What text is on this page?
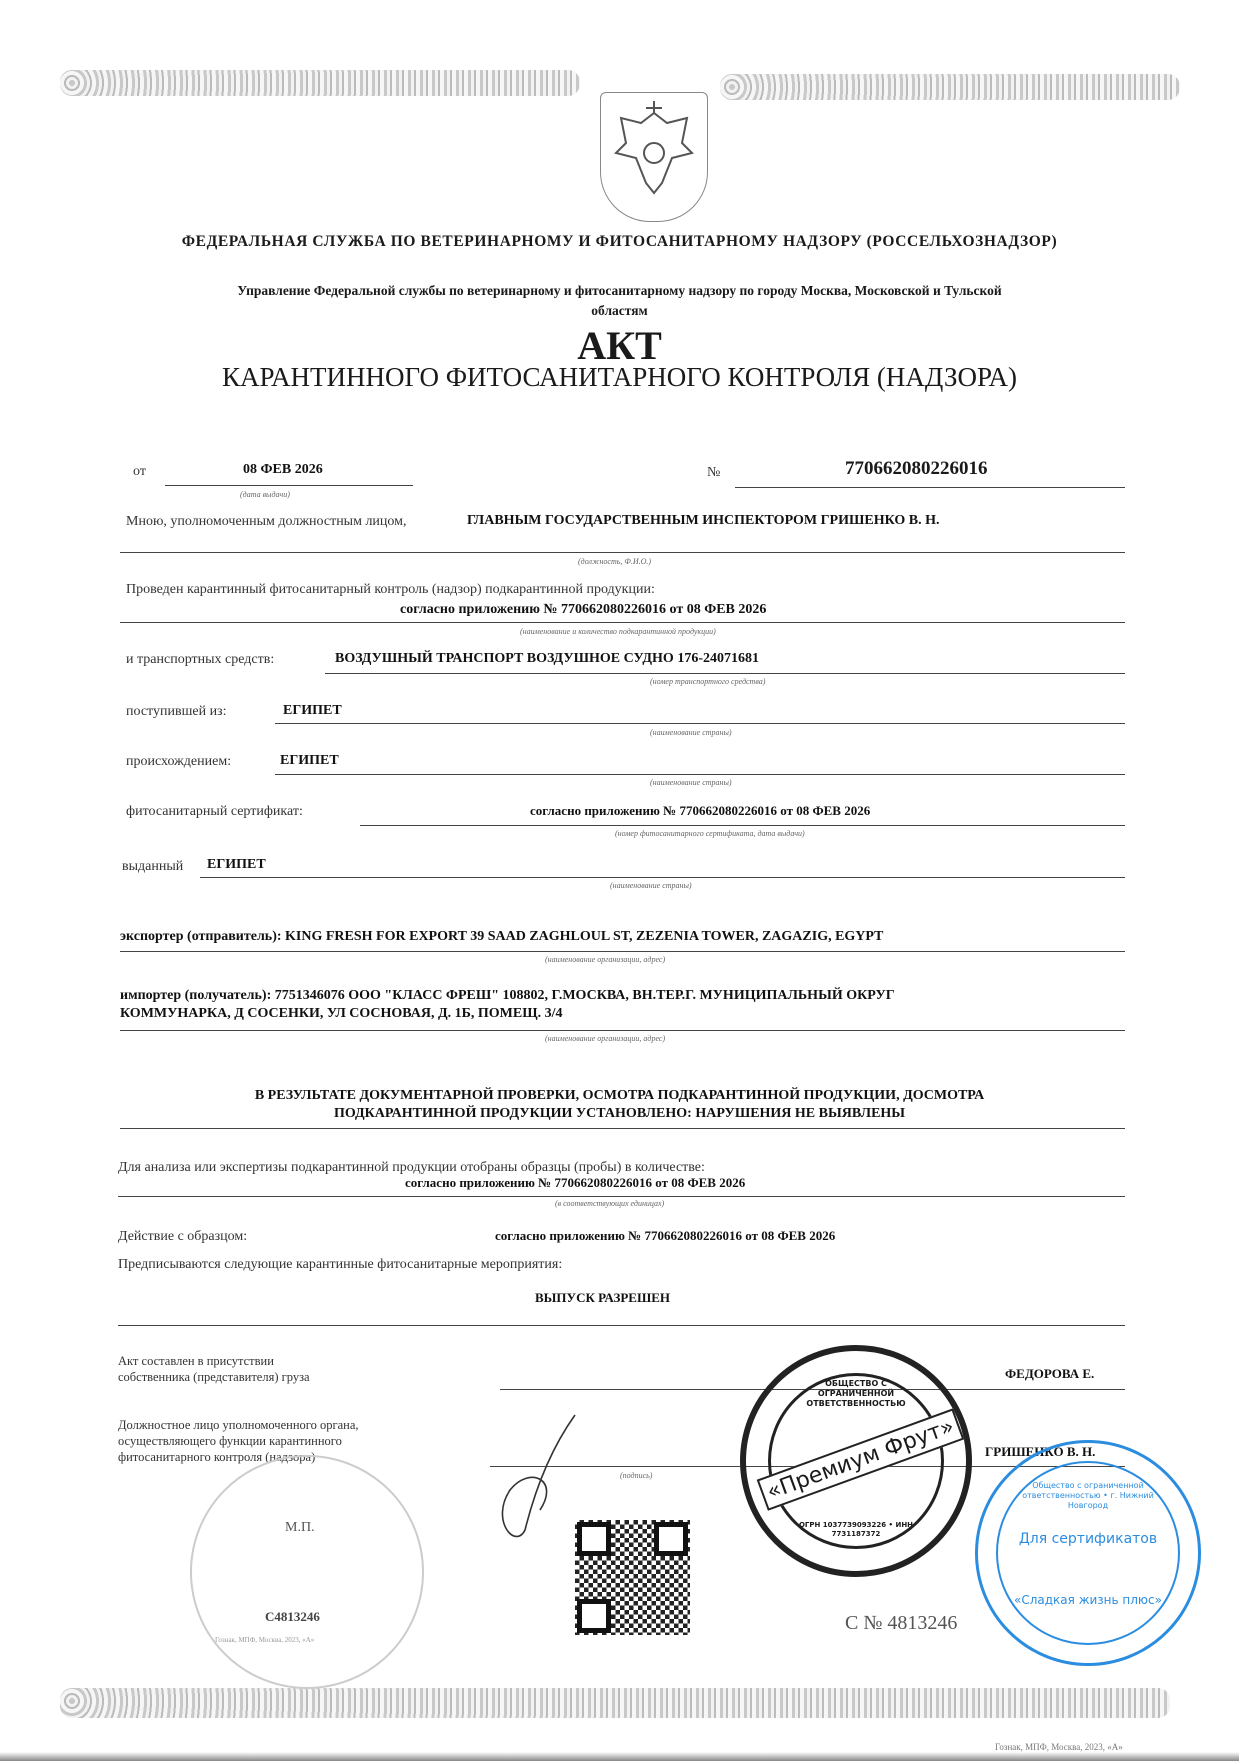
ФЕДЕРАЛЬНАЯ СЛУЖБА ПО ВЕТЕРИНАРНОМУ И ФИТОСАНИТАРНОМУ НАДЗОРУ (РОССЕЛЬХОЗНАДЗОР)
Управление Федеральной службы по ветеринарному и фитосанитарному надзору по городу Москва, Московской и Тульской
областям
АКТ
КАРАНТИННОГО ФИТОСАНИТАРНОГО КОНТРОЛЯ (НАДЗОРА)
от	08 ФЕВ 2026
(дата выдачи)
№	770662080226016
Мною, уполномоченным должностным лицом,	ГЛАВНЫМ ГОСУДАРСТВЕННЫМ ИНСПЕКТОРОМ ГРИШЕНКО В. Н.
(должность, Ф.И.О.)
Проведен карантинный фитосанитарный контроль (надзор) подкарантинной продукции:
согласно приложению № 770662080226016 от 08 ФЕВ 2026
(наименование и количество подкарантинной продукции)
и транспортных средств:	ВОЗДУШНЫЙ ТРАНСПОРТ ВОЗДУШНОЕ СУДНО 176-24071681
(номер транспортного средства)
поступившей из:	ЕГИПЕТ
(наименование страны)
происхождением:	ЕГИПЕТ
(наименование страны)
фитосанитарный сертификат:	согласно приложению № 770662080226016 от 08 ФЕВ 2026
(номер фитосанитарного сертификата, дата выдачи)
выданный ЕГИПЕТ
(наименование страны)
экспортер (отправитель): KING FRESH FOR EXPORT 39 SAAD ZAGHLOUL ST, ZEZENIA TOWER, ZAGAZIG, EGYPT
(наименование организации, адрес)
импортер (получатель): 7751346076 ООО "КЛАСС ФРЕШ" 108802, Г.МОСКВА, ВН.ТЕР.Г. МУНИЦИПАЛЬНЫЙ ОКРУГ
КОММУНАРКА, Д СОСЕНКИ, УЛ СОСНОВАЯ, Д. 1Б, ПОМЕЩ. 3/4
(наименование организации, адрес)
В РЕЗУЛЬТАТЕ ДОКУМЕНТАРНОЙ ПРОВЕРКИ, ОСМОТРА ПОДКАРАНТИННОЙ ПРОДУКЦИИ, ДОСМОТРА
ПОДКАРАНТИННОЙ ПРОДУКЦИИ УСТАНОВЛЕНО: НАРУШЕНИЯ НЕ ВЫЯВЛЕНЫ
Для анализа или экспертизы подкарантинной продукции отобраны образцы (пробы) в количестве:
согласно приложению № 770662080226016 от 08 ФЕВ 2026
(в соответствующих единицах)
Действие с образцом:	согласно приложению № 770662080226016 от 08 ФЕВ 2026
Предписываются следующие карантинные фитосанитарные мероприятия:
ВЫПУСК РАЗРЕШЕН
Акт составлен в присутствии
собственника (представителя) груза	ФЕДОРОВА Е.
Должностное лицо уполномоченного органа,
осуществляющего функции карантинного
фитосанитарного контроля (надзора)	ГРИШЕНКО В. Н.
(подпись)
М.П.
С4813246	С № 4813246
ОБЩЕСТВО С ОГРАНИЧЕННОЙ ОТВЕТСТВЕННОСТЬЮ
«Премиум Фрут»
ОГРН 1037739093226 • ИНН 7731187372
Общество с ограниченной ответственностью • г. Нижний Новгород
Для сертификатов
«Сладкая жизнь плюс»
Гознак, МПФ, Москва, 2023, «А»
Гознак, МПФ, Москва, 2023, «А»
